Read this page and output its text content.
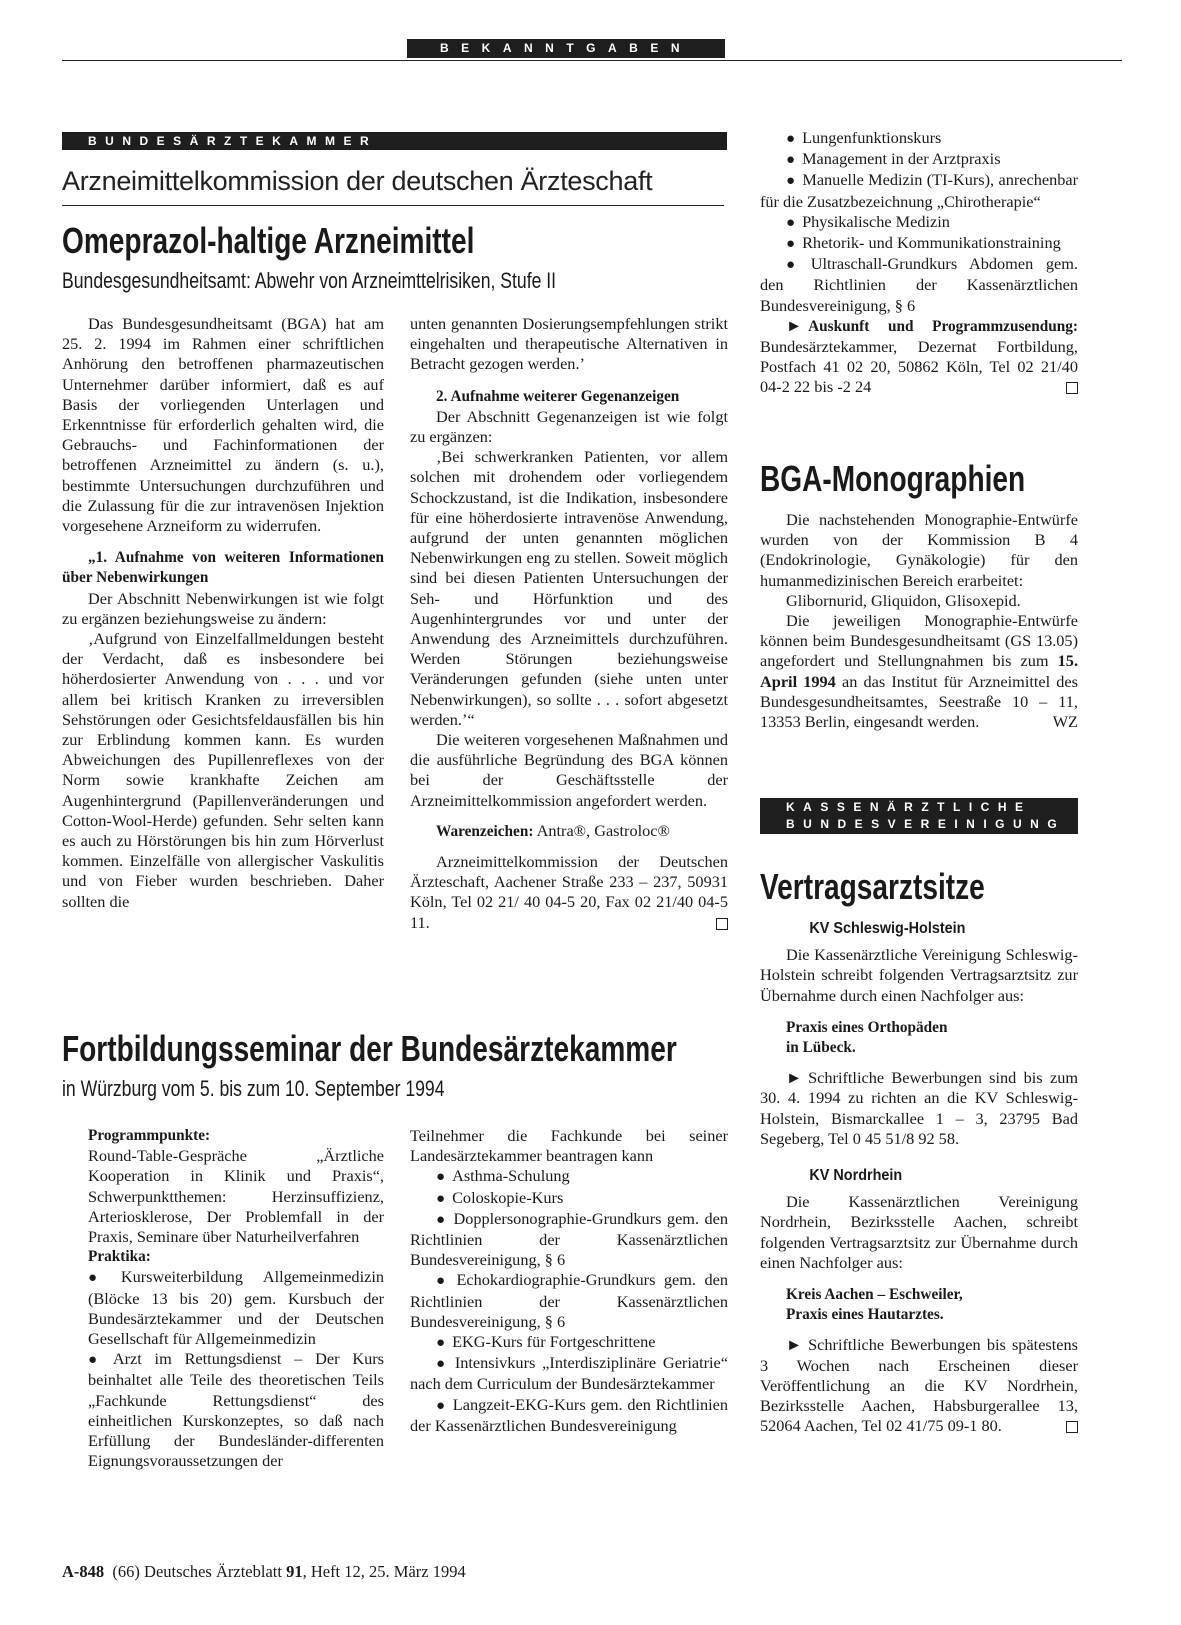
BEKANNTGABEN
BUNDESÄRZTEKAMMER
Arzneimittelkommission der deutschen Ärzteschaft
Omeprazol-haltige Arzneimittel
Bundesgesundheitsamt: Abwehr von Arzneimttelrisiken, Stufe II

Das Bundesgesundheitsamt (BGA) hat am 25. 2. 1994 im Rahmen einer schriftlichen Anhörung den betroffenen pharmazeutischen Unternehmer darüber informiert, daß es auf Basis der vorliegenden Unterlagen und Erkenntnisse für erforderlich gehalten wird, die Gebrauchs- und Fachinformationen der betroffenen Arzneimittel zu ändern (s. u.), bestimmte Untersuchungen durchzuführen und die Zulassung für die zur intravenösen Injektion vorgesehene Arzneiform zu widerrufen.

„1. Aufnahme von weiteren Informationen über Nebenwirkungen

Der Abschnitt Nebenwirkungen ist wie folgt zu ergänzen beziehungsweise zu ändern:

‚Aufgrund von Einzelfallmeldungen besteht der Verdacht, daß es insbesondere bei höherdosierter Anwendung von . . . und vor allem bei kritisch Kranken zu irreversiblen Sehstörungen oder Gesichtsfeldausfällen bis hin zur Erblindung kommen kann. Es wurden Abweichungen des Pupillenreflexes von der Norm sowie krankhafte Zeichen am Augenhintergrund (Papillenveränderungen und Cotton-Wool-Herde) gefunden. Sehr selten kann es auch zu Hörstörungen bis hin zum Hörverlust kommen. Einzelfälle von allergischer Vaskulitis und von Fieber wurden beschrieben. Daher sollten die

unten genannten Dosierungsempfehlungen strikt eingehalten und therapeutische Alternativen in Betracht gezogen werden.’

2. Aufnahme weiterer Gegenanzeigen

Der Abschnitt Gegenanzeigen ist wie folgt zu ergänzen:

‚Bei schwerkranken Patienten, vor allem solchen mit drohendem oder vorliegendem Schockzustand, ist die Indikation, insbesondere für eine höherdosierte intravenöse Anwendung, aufgrund der unten genannten möglichen Nebenwirkungen eng zu stellen. Soweit möglich sind bei diesen Patienten Untersuchungen der Seh- und Hörfunktion und des Augenhintergrundes vor und unter der Anwendung des Arzneimittels durchzuführen. Werden Störungen beziehungsweise Veränderungen gefunden (siehe unten unter Nebenwirkungen), so sollte . . . sofort abgesetzt werden.’“

Die weiteren vorgesehenen Maßnahmen und die ausführliche Begründung des BGA können bei der Geschäftsstelle der Arzneimittelkommission angefordert werden.

Warenzeichen: Antra®, Gastroloc®

Arzneimittelkommission der Deutschen Ärzteschaft, Aachener Straße 233 – 237, 50931 Köln, Tel 02 21/ 40 04-5 20, Fax 02 21/40 04-5 11.

Fortbildungsseminar der Bundesärztekammer
in Würzburg vom 5. bis zum 10. September 1994

Programmpunkte:

Round-Table-Gespräche „Ärztliche Kooperation in Klinik und Praxis“, Schwerpunktthemen: Herzinsuffizienz, Arteriosklerose, Der Problemfall in der Praxis, Seminare über Naturheilverfahren

Praktika:

● Kursweiterbildung Allgemeinmedizin (Blöcke 13 bis 20) gem. Kursbuch der Bundesärztekammer und der Deutschen Gesellschaft für Allgemeinmedizin

● Arzt im Rettungsdienst – Der Kurs beinhaltet alle Teile des theoretischen Teils „Fachkunde Rettungsdienst“ des einheitlichen Kurskonzeptes, so daß nach Erfüllung der Bundesländer-differenten Eignungsvoraussetzungen der

Teilnehmer die Fachkunde bei seiner Landesärztekammer beantragen kann

● Asthma-Schulung

● Coloskopie-Kurs

● Dopplersonographie-Grundkurs gem. den Richtlinien der Kassenärztlichen Bundesvereinigung, § 6

● Echokardiographie-Grundkurs gem. den Richtlinien der Kassenärztlichen Bundesvereinigung, § 6

● EKG-Kurs für Fortgeschrittene

● Intensivkurs „Interdisziplinäre Geriatrie“ nach dem Curriculum der Bundesärztekammer

● Langzeit-EKG-Kurs gem. den Richtlinien der Kassenärztlichen Bundesvereinigung

● Lungenfunktionskurs

● Management in der Arztpraxis

● Manuelle Medizin (TI-Kurs), anrechenbar für die Zusatzbezeichnung „Chirotherapie“

● Physikalische Medizin

● Rhetorik- und Kommunikationstraining

● Ultraschall-Grundkurs Abdomen gem. den Richtlinien der Kassenärztlichen Bundesvereinigung, § 6

► Auskunft und Programmzusendung: Bundesärztekammer, Dezernat Fortbildung, Postfach 41 02 20, 50862 Köln, Tel 02 21/40 04-2 22 bis -2 24

BGA-Monographien

Die nachstehenden Monographie-Entwürfe wurden von der Kommission B 4 (Endokrinologie, Gynäkologie) für den humanmedizinischen Bereich erarbeitet:

Glibornurid, Gliquidon, Glisoxepid.

Die jeweiligen Monographie-Entwürfe können beim Bundesgesundheitsamt (GS 13.05) angefordert und Stellungnahmen bis zum 15. April 1994 an das Institut für Arzneimittel des Bundesgesundheitsamtes, Seestraße 10 – 11, 13353 Berlin, eingesandt werden.	WZ

KASSENÄRZTLICHE
BUNDESVEREINIGUNG
Vertragsarztsitze

KV Schleswig-Holstein

Die Kassenärztliche Vereinigung Schleswig-Holstein schreibt folgenden Vertragsarztsitz zur Übernahme durch einen Nachfolger aus:

Praxis eines Orthopäden

in Lübeck.

► Schriftliche Bewerbungen sind bis zum 30. 4. 1994 zu richten an die KV Schleswig-Holstein, Bismarckallee 1 – 3, 23795 Bad Segeberg, Tel 0 45 51/8 92 58.

KV Nordrhein

Die Kassenärztlichen Vereinigung Nordrhein, Bezirksstelle Aachen, schreibt folgenden Vertragsarztsitz zur Übernahme durch einen Nachfolger aus:

Kreis Aachen – Eschweiler,

Praxis eines Hautarztes.

► Schriftliche Bewerbungen bis spätestens 3 Wochen nach Erscheinen dieser Veröffentlichung an die KV Nordrhein, Bezirksstelle Aachen, Habsburgerallee 13, 52064 Aachen, Tel 02 41/75 09-1 80.

A-848 (66) Deutsches Ärzteblatt 91, Heft 12, 25. März 1994
